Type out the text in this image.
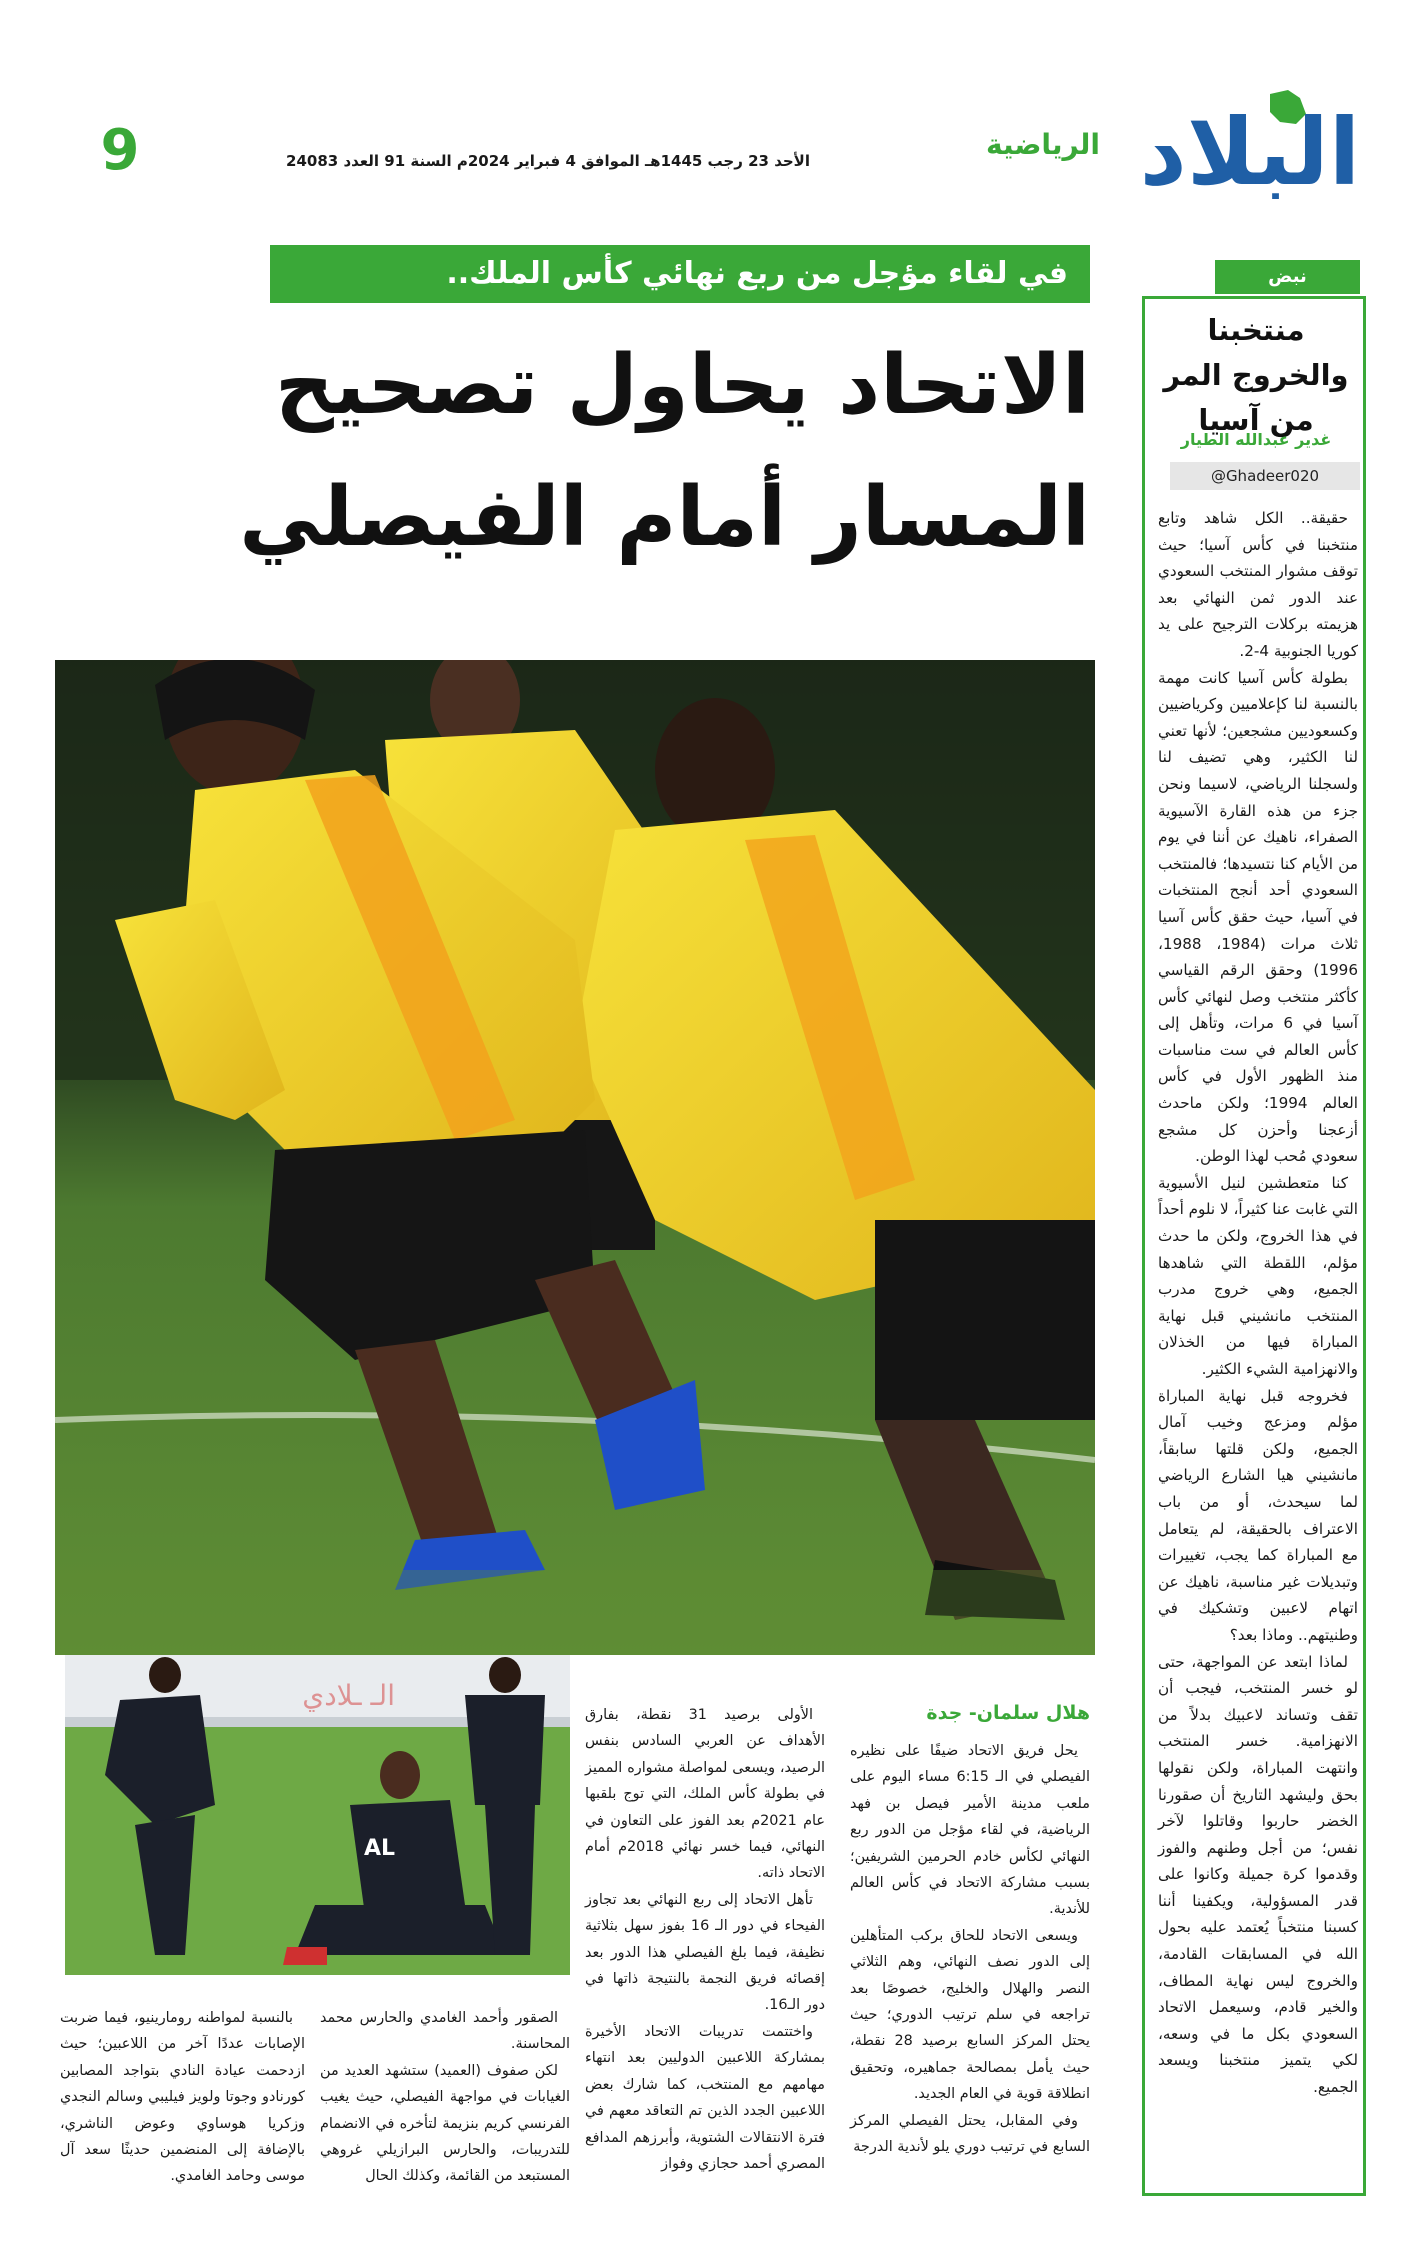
البلاد
الرياضية
الأحد 23 رجب 1445هـ الموافق 4 فبراير 2024م السنة 91 العدد 24083
9
في لقاء مؤجل من ربع نهائي كأس الملك..
الاتحاد يحاول تصحيح
المسار أمام الفيصلي
الـ ـلادي
AL
نبض
منتخبنا والخروج المر من آسيا
غدير عبدالله الطيار
@Ghadeer020

حقيقة.. الكل شاهد وتابع منتخبنا في كأس آسيا؛ حيث توقف مشوار المنتخب السعودي عند الدور ثمن النهائي بعد هزيمته بركلات الترجيح على يد كوريا الجنوبية 4-2.

بطولة كأس آسيا كانت مهمة بالنسبة لنا كإعلاميين وكرياضيين وكسعوديين مشجعين؛ لأنها تعني لنا الكثير، وهي تضيف لنا ولسجلنا الرياضي، لاسيما ونحن جزء من هذه القارة الآسيوية الصفراء، ناهيك عن أننا في يوم من الأيام كنا نتسيدها؛ فالمنتخب السعودي أحد أنجح المنتخبات في آسيا، حيث حقق كأس آسيا ثلاث مرات (1984، 1988، 1996) وحقق الرقم القياسي كأكثر منتخب وصل لنهائي كأس آسيا في 6 مرات، وتأهل إلى كأس العالم في ست مناسبات منذ الظهور الأول في كأس العالم 1994؛ ولكن ماحدث أزعجنا وأحزن كل مشجع سعودي مُحب لهذا الوطن.

كنا متعطشين لنيل الأسيوية التي غابت عنا كثيراً، لا نلوم أحداً في هذا الخروج، ولكن ما حدث مؤلم، اللقطة التي شاهدها الجميع، وهي خروج مدرب المنتخب مانشيني قبل نهاية المباراة فيها من الخذلان والانهزامية الشيء الكثير.

فخروجه قبل نهاية المباراة مؤلم ومزعج وخيب آمال الجميع، ولكن قلتها سابقاً، مانشيني هيا الشارع الرياضي لما سيحدث، أو من باب الاعتراف بالحقيقة، لم يتعامل مع المباراة كما يجب، تغييرات وتبديلات غير مناسبة، ناهيك عن اتهام لاعبين وتشكيك في وطنيتهم.. وماذا بعد؟

لماذا ابتعد عن المواجهة، حتى لو خسر المنتخب، فيجب أن تقف وتساند لاعبيك بدلاً من الانهزامية. خسر المنتخب وانتهت المباراة، ولكن نقولها بحق وليشهد التاريخ أن صقورنا الخضر حاربوا وقاتلوا لآخر نفس؛ من أجل وطنهم والفوز وقدموا كرة جميلة وكانوا على قدر المسؤولية، ويكفينا أننا كسبنا منتخباً يُعتمد عليه بحول الله في المسابقات القادمة، والخروج ليس نهاية المطاف، والخير قادم، وسيعمل الاتحاد السعودي بكل ما في وسعه، لكي يتميز منتخبنا ويسعد الجميع.

هلال سلمان- جدة

يحل فريق الاتحاد ضيفًا على نظيره الفيصلي في الـ 6:15 مساء اليوم على ملعب مدينة الأمير فيصل بن فهد الرياضية، في لقاء مؤجل من الدور ربع النهائي لكأس خادم الحرمين الشريفين؛ بسبب مشاركة الاتحاد في كأس العالم للأندية.

ويسعى الاتحاد للحاق بركب المتأهلين إلى الدور نصف النهائي، وهم الثلاثي النصر والهلال والخليج، خصوصًا بعد تراجعه في سلم ترتيب الدوري؛ حيث يحتل المركز السابع برصيد 28 نقطة، حيث يأمل بمصالحة جماهيره، وتحقيق انطلاقة قوية في العام الجديد.

وفي المقابل، يحتل الفيصلي المركز السابع في ترتيب دوري يلو لأندية الدرجة

الأولى برصيد 31 نقطة، بفارق الأهداف عن العربي السادس بنفس الرصيد، ويسعى لمواصلة مشواره المميز في بطولة كأس الملك، التي توج بلقبها عام 2021م بعد الفوز على التعاون في النهائي، فيما خسر نهائي 2018م أمام الاتحاد ذاته.

تأهل الاتحاد إلى ربع النهائي بعد تجاوز الفيحاء في دور الـ 16 بفوز سهل بثلاثية نظيفة، فيما بلغ الفيصلي هذا الدور بعد إقصائه فريق النجمة بالنتيجة ذاتها في دور الـ16.

واختتمت تدريبات الاتحاد الأخيرة بمشاركة اللاعبين الدوليين بعد انتهاء مهامهم مع المنتخب، كما شارك بعض اللاعبين الجدد الذين تم التعاقد معهم في فترة الانتقالات الشتوية، وأبرزهم المدافع المصري أحمد حجازي وفواز

الصقور وأحمد الغامدي والحارس محمد المحاسنة.

لكن صفوف (العميد) ستشهد العديد من الغيابات في مواجهة الفيصلي، حيث يغيب الفرنسي كريم بنزيمة لتأخره في الانضمام للتدريبات، والحارس البرازيلي غروهي المستبعد من القائمة، وكذلك الحال

بالنسبة لمواطنه رومارينيو، فيما ضربت الإصابات عددًا آخر من اللاعبين؛ حيث ازدحمت عيادة النادي بتواجد المصابين كورنادو وجوتا ولويز فيليبي وسالم النجدي وزكريا هوساوي وعوض الناشري، بالإضافة إلى المنضمين حديثًا سعد آل موسى وحامد الغامدي.
